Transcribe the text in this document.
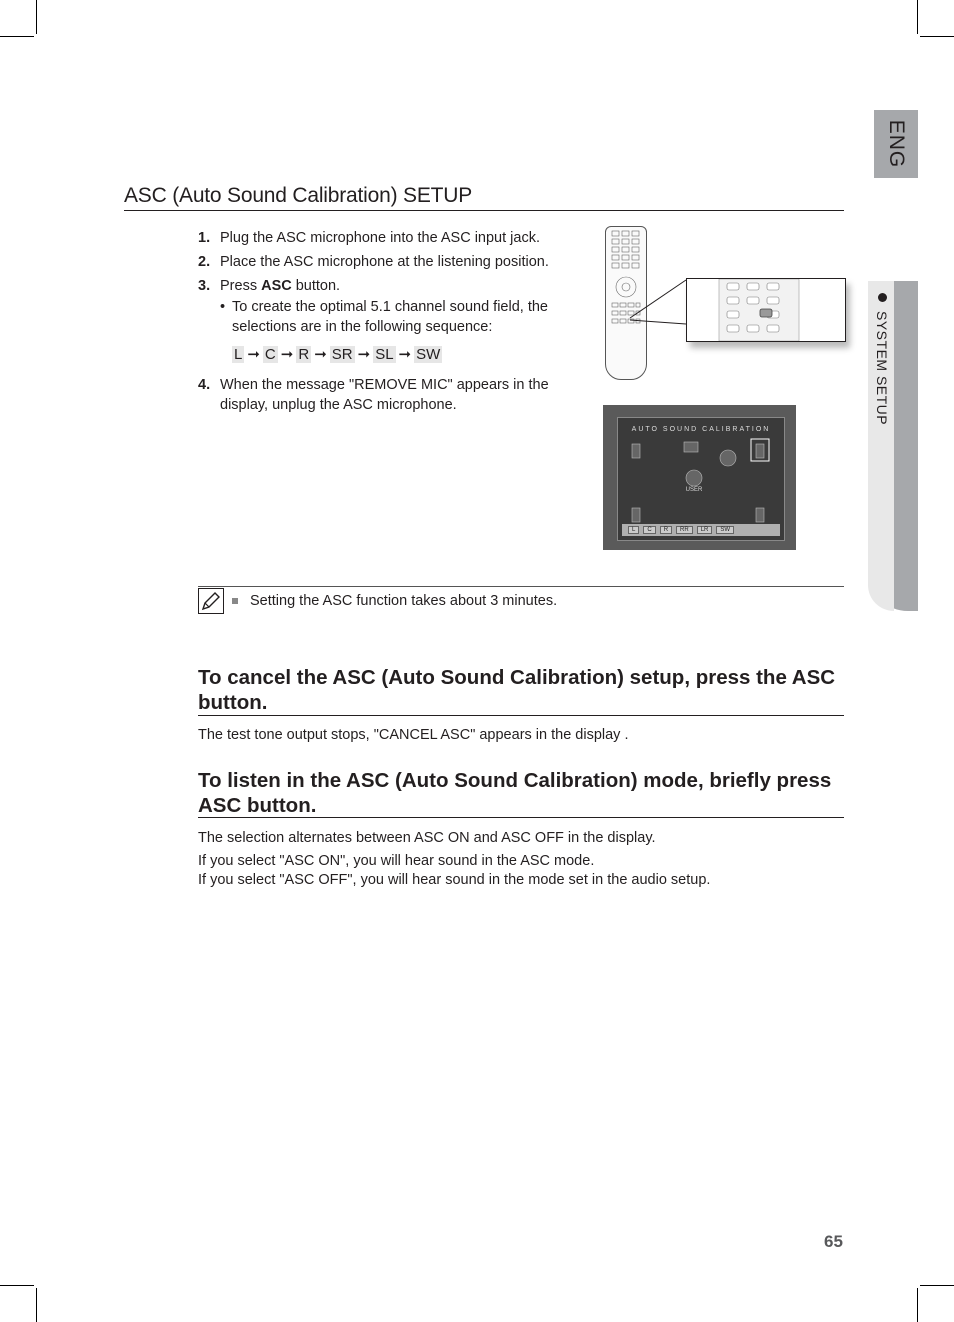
ENG
SYSTEM SETUP
ASC (Auto Sound Calibration) SETUP
1. Plug the ASC microphone into the ASC input jack.
2. Place the ASC microphone at the listening position.
3. Press ASC button.
• To create the optimal 5.1 channel sound field, the selections are in the following sequence:
L ➞ C ➞ R ➞ SR ➞ SL ➞ SW
4. When the message "REMOVE MIC" appears in the display, unplug the ASC microphone.
AUTO SOUND CALIBRATION
USER
L	C	R	RR	LR	SW
Setting the ASC function takes about 3 minutes.
To cancel the ASC (Auto Sound Calibration) setup, press the ASC button.

The test tone output stops, "CANCEL ASC" appears in the display .

To listen in the ASC (Auto Sound Calibration) mode, briefly press ASC button.

The selection alternates between ASC ON and ASC OFF in the display.

If you select "ASC ON", you will hear sound in the ASC mode.

If you select "ASC OFF", you will hear sound in the mode set in the audio setup.

65
